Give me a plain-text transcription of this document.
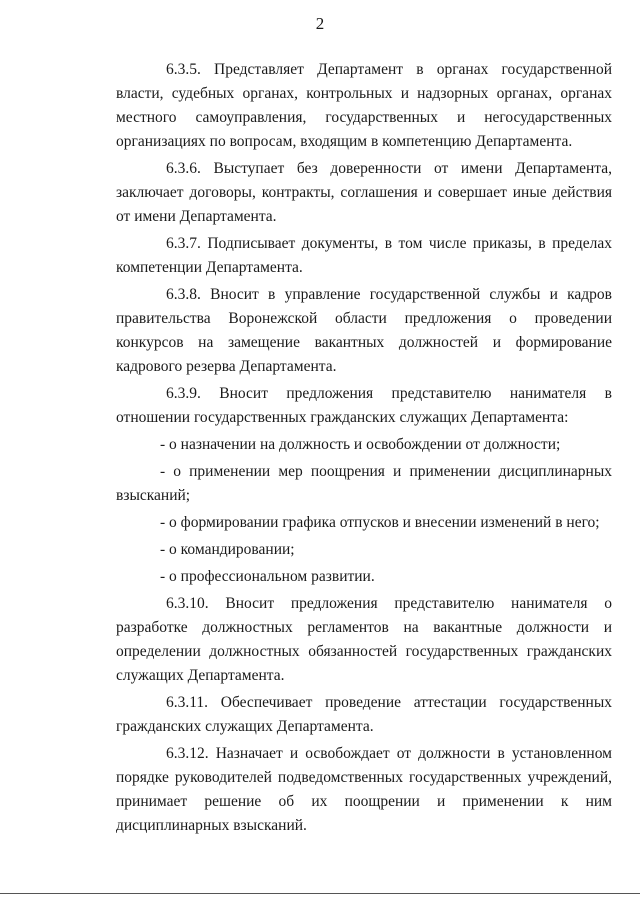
2

6.3.5. Представляет Департамент в органах государственной власти, судебных органах, контрольных и надзорных органах, органах местного самоуправления, государственных и негосударственных организациях по вопросам, входящим в компетенцию Департамента.

6.3.6. Выступает без доверенности от имени Департамента, заключает договоры, контракты, соглашения и совершает иные действия от имени Департамента.

6.3.7. Подписывает документы, в том числе приказы, в пределах компетенции Департамента.

6.3.8. Вносит в управление государственной службы и кадров правительства Воронежской области предложения о проведении конкурсов на замещение вакантных должностей и формирование кадрового резерва Департамента.

6.3.9. Вносит предложения представителю нанимателя в отношении государственных гражданских служащих Департамента:

- о назначении на должность и освобождении от должности;

- о применении мер поощрения и применении дисциплинарных взысканий;

- о формировании графика отпусков и внесении изменений в него;

- о командировании;

- о профессиональном развитии.

6.3.10. Вносит предложения представителю нанимателя о разработке должностных регламентов на вакантные должности и определении должностных обязанностей государственных гражданских служащих Департамента.

6.3.11. Обеспечивает проведение аттестации государственных гражданских служащих Департамента.

6.3.12. Назначает и освобождает от должности в установленном порядке руководителей подведомственных государственных учреждений, принимает решение об их поощрении и применении к ним дисциплинарных взысканий.
